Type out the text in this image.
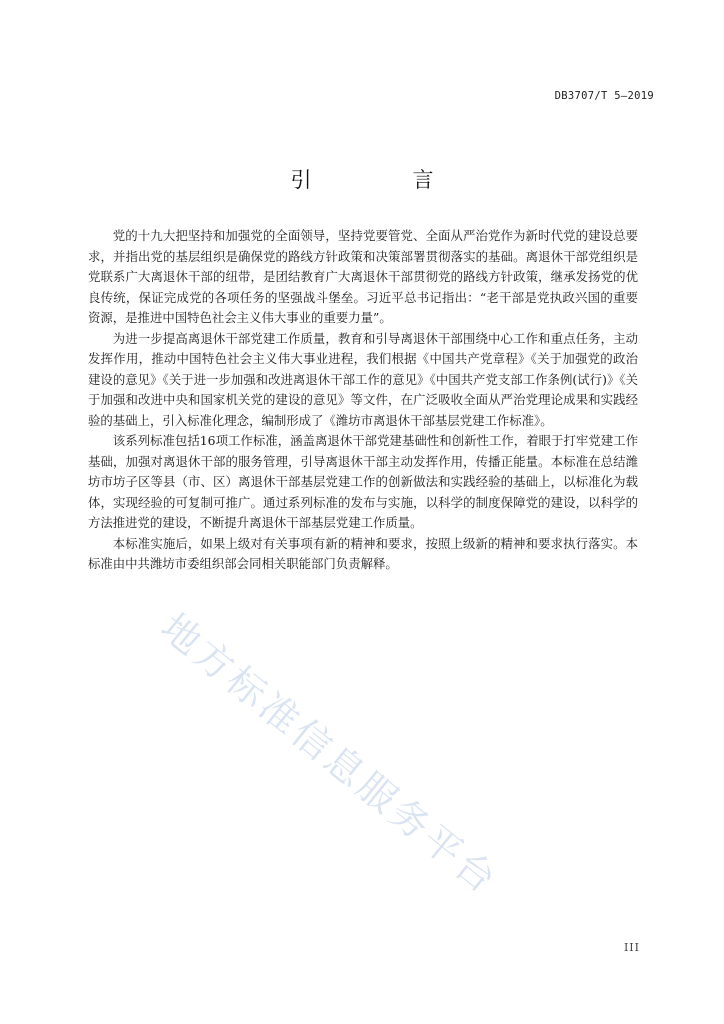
DB3707/T 5—2019
引　言

党的十九大把坚持和加强党的全面领导，坚持党要管党、全面从严治党作为新时代党的建设总要求，并指出党的基层组织是确保党的路线方针政策和决策部署贯彻落实的基础。离退休干部党组织是党联系广大离退休干部的纽带，是团结教育广大离退休干部贯彻党的路线方针政策，继承发扬党的优良传统，保证完成党的各项任务的坚强战斗堡垒。习近平总书记指出：“老干部是党执政兴国的重要资源，是推进中国特色社会主义伟大事业的重要力量”。

为进一步提高离退休干部党建工作质量，教育和引导离退休干部围绕中心工作和重点任务，主动发挥作用，推动中国特色社会主义伟大事业进程，我们根据《中国共产党章程》《关于加强党的政治建设的意见》《关于进一步加强和改进离退休干部工作的意见》《中国共产党支部工作条例(试行)》《关于加强和改进中央和国家机关党的建设的意见》等文件，在广泛吸收全面从严治党理论成果和实践经验的基础上，引入标准化理念，编制形成了《潍坊市离退休干部基层党建工作标准》。

该系列标准包括16项工作标准，涵盖离退休干部党建基础性和创新性工作，着眼于打牢党建工作基础，加强对离退休干部的服务管理，引导离退休干部主动发挥作用，传播正能量。本标准在总结潍坊市坊子区等县（市、区）离退休干部基层党建工作的创新做法和实践经验的基础上，以标准化为载体，实现经验的可复制可推广。通过系列标准的发布与实施，以科学的制度保障党的建设，以科学的方法推进党的建设，不断提升离退休干部基层党建工作质量。

本标准实施后，如果上级对有关事项有新的精神和要求，按照上级新的精神和要求执行落实。本标准由中共潍坊市委组织部会同相关职能部门负责解释。

地方标准信息服务平台
III
